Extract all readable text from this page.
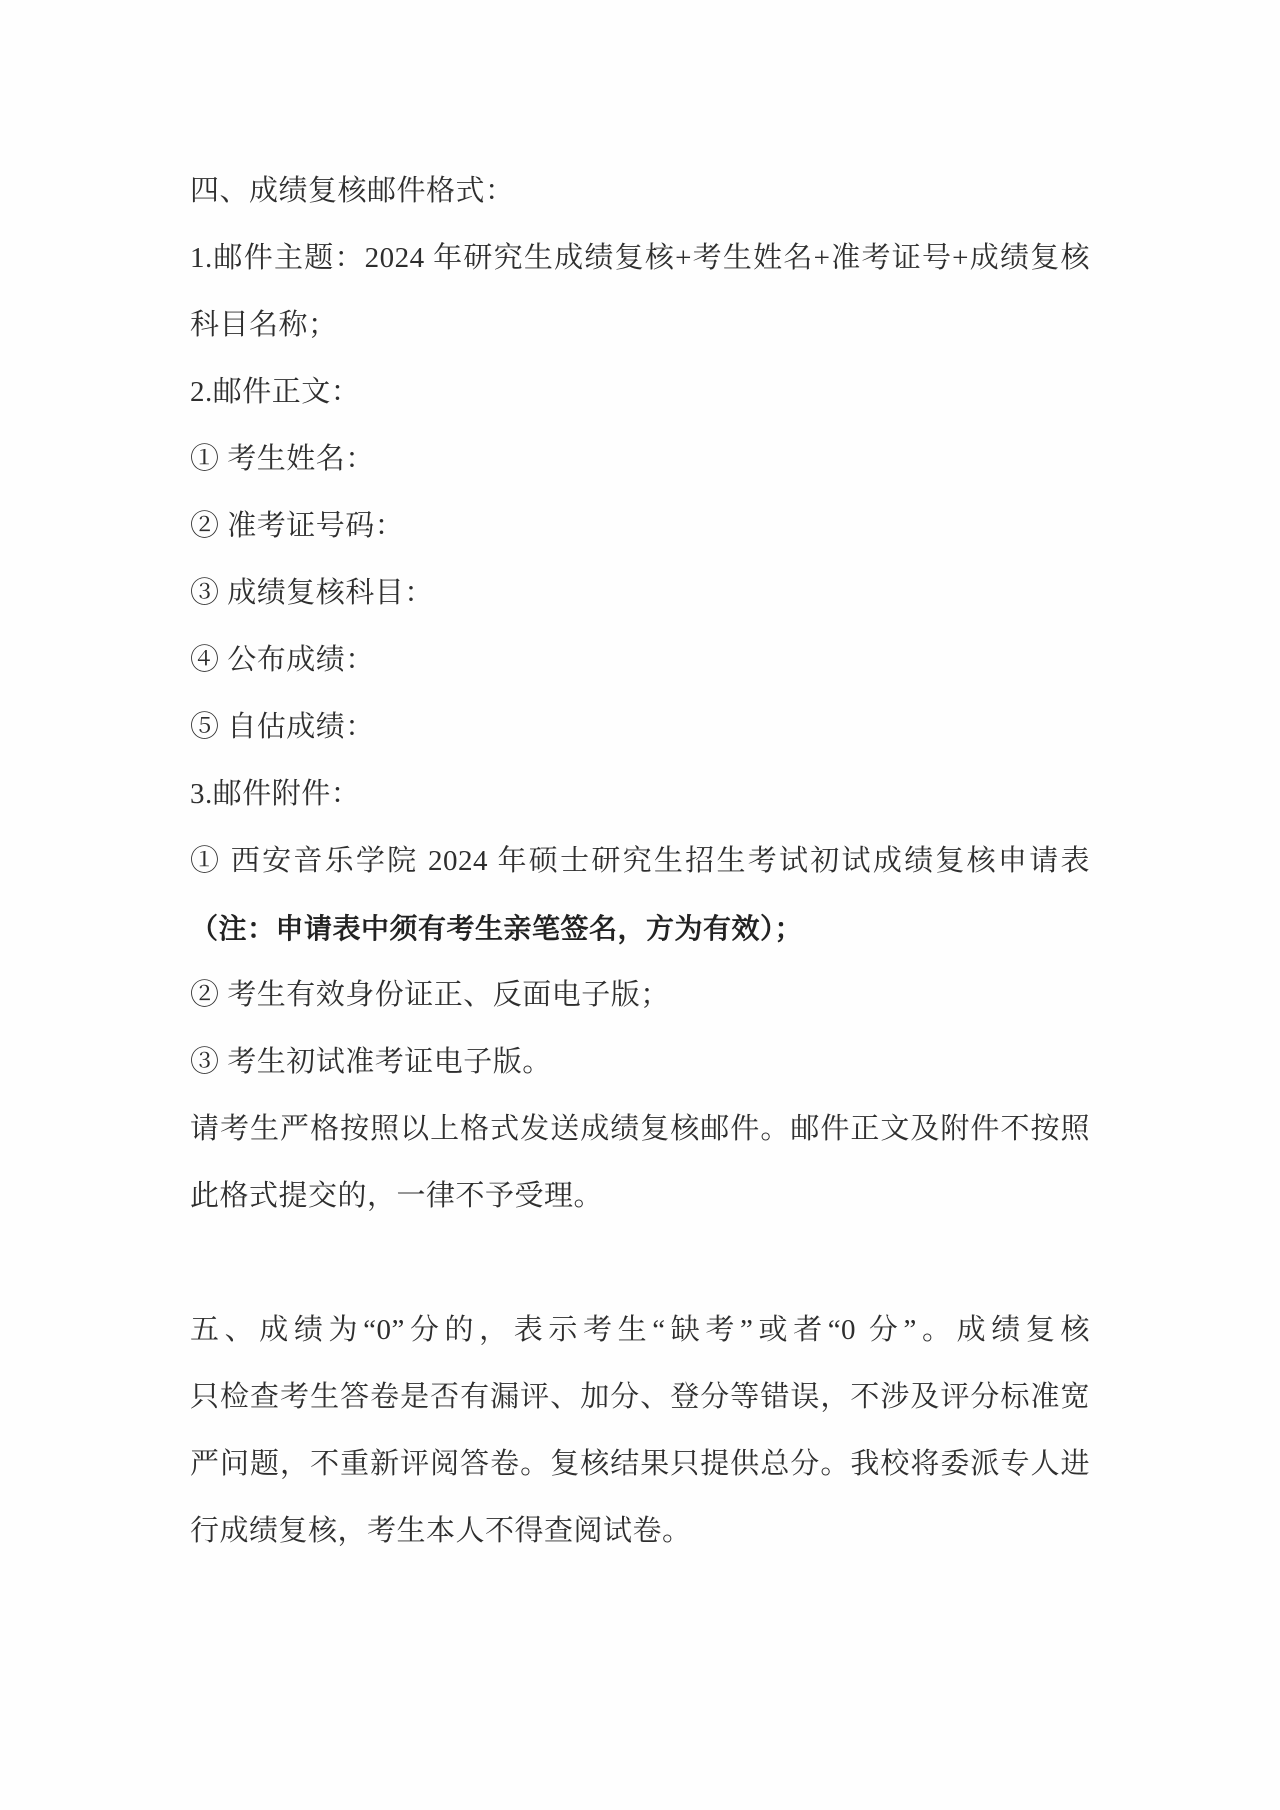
四、成绩复核邮件格式：
1.邮件主题：2024 年研究生成绩复核+考生姓名+准考证号+成绩复核
科目名称；
2.邮件正文：
① 考生姓名：
② 准考证号码：
③ 成绩复核科目：
④ 公布成绩：
⑤ 自估成绩：
3.邮件附件：
① 西安音乐学院 2024 年硕士研究生招生考试初试成绩复核申请表
（注：申请表中须有考生亲笔签名，方为有效）；
② 考生有效身份证正、反面电子版；
③ 考生初试准考证电子版。
请考生严格按照以上格式发送成绩复核邮件。邮件正文及附件不按照
此格式提交的，一律不予受理。
五、成绩为“0”分的，表示考生“缺考”或者“0 分”。成绩复核
只检查考生答卷是否有漏评、加分、登分等错误，不涉及评分标准宽
严问题，不重新评阅答卷。复核结果只提供总分。我校将委派专人进
行成绩复核，考生本人不得查阅试卷。
